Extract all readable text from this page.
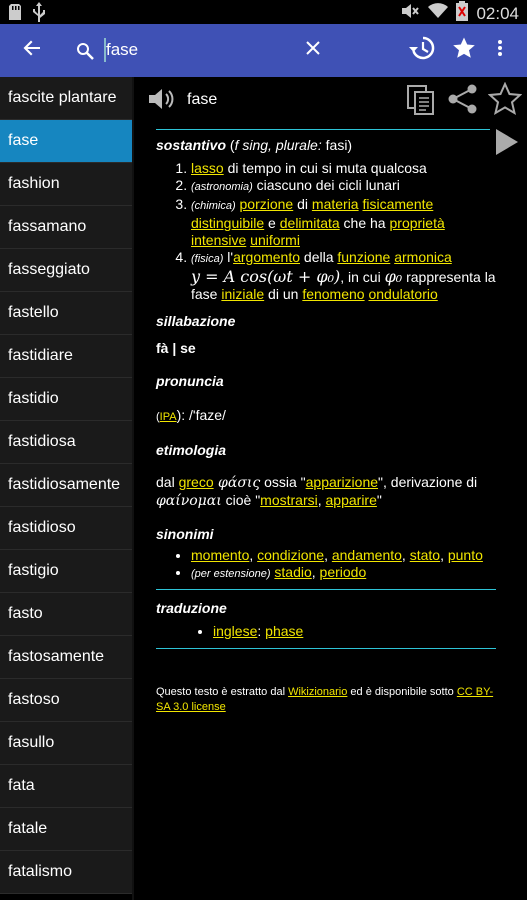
02:04
fase
fascite plantare
fase
fashion
fassamano
fasseggiato
fastello
fastidiare
fastidio
fastidiosa
fastidiosamente
fastidioso
fastigio
fasto
fastosamente
fastoso
fasullo
fata
fatale
fatalismo
fase
sostantivo (f sing, plurale: fasi)
1. lasso di tempo in cui si muta qualcosa
2. (astronomia) ciascuno dei cicli lunari
3. (chimica) porzione di materia fisicamente distinguibile e delimitata che ha proprietà intensive uniformi
4. (fisica) l'argomento della funzione armonica
y = A cos(ωt + φ₀), in cui φ₀ rappresenta la fase iniziale di un fenomeno ondulatorio
sillabazione
fà | se
pronuncia
(IPA): /'faze/
etimologia
dal greco φάσις ossia "apparizione", derivazione di
φαίνομαι cioè "mostrarsi, apparire"
sinonimi
• momento, condizione, andamento, stato, punto
• (per estensione) stadio, periodo
traduzione
• inglese: phase
Questo testo è estratto dal Wikizionario ed è disponibile sotto CC BY-SA 3.0 license
